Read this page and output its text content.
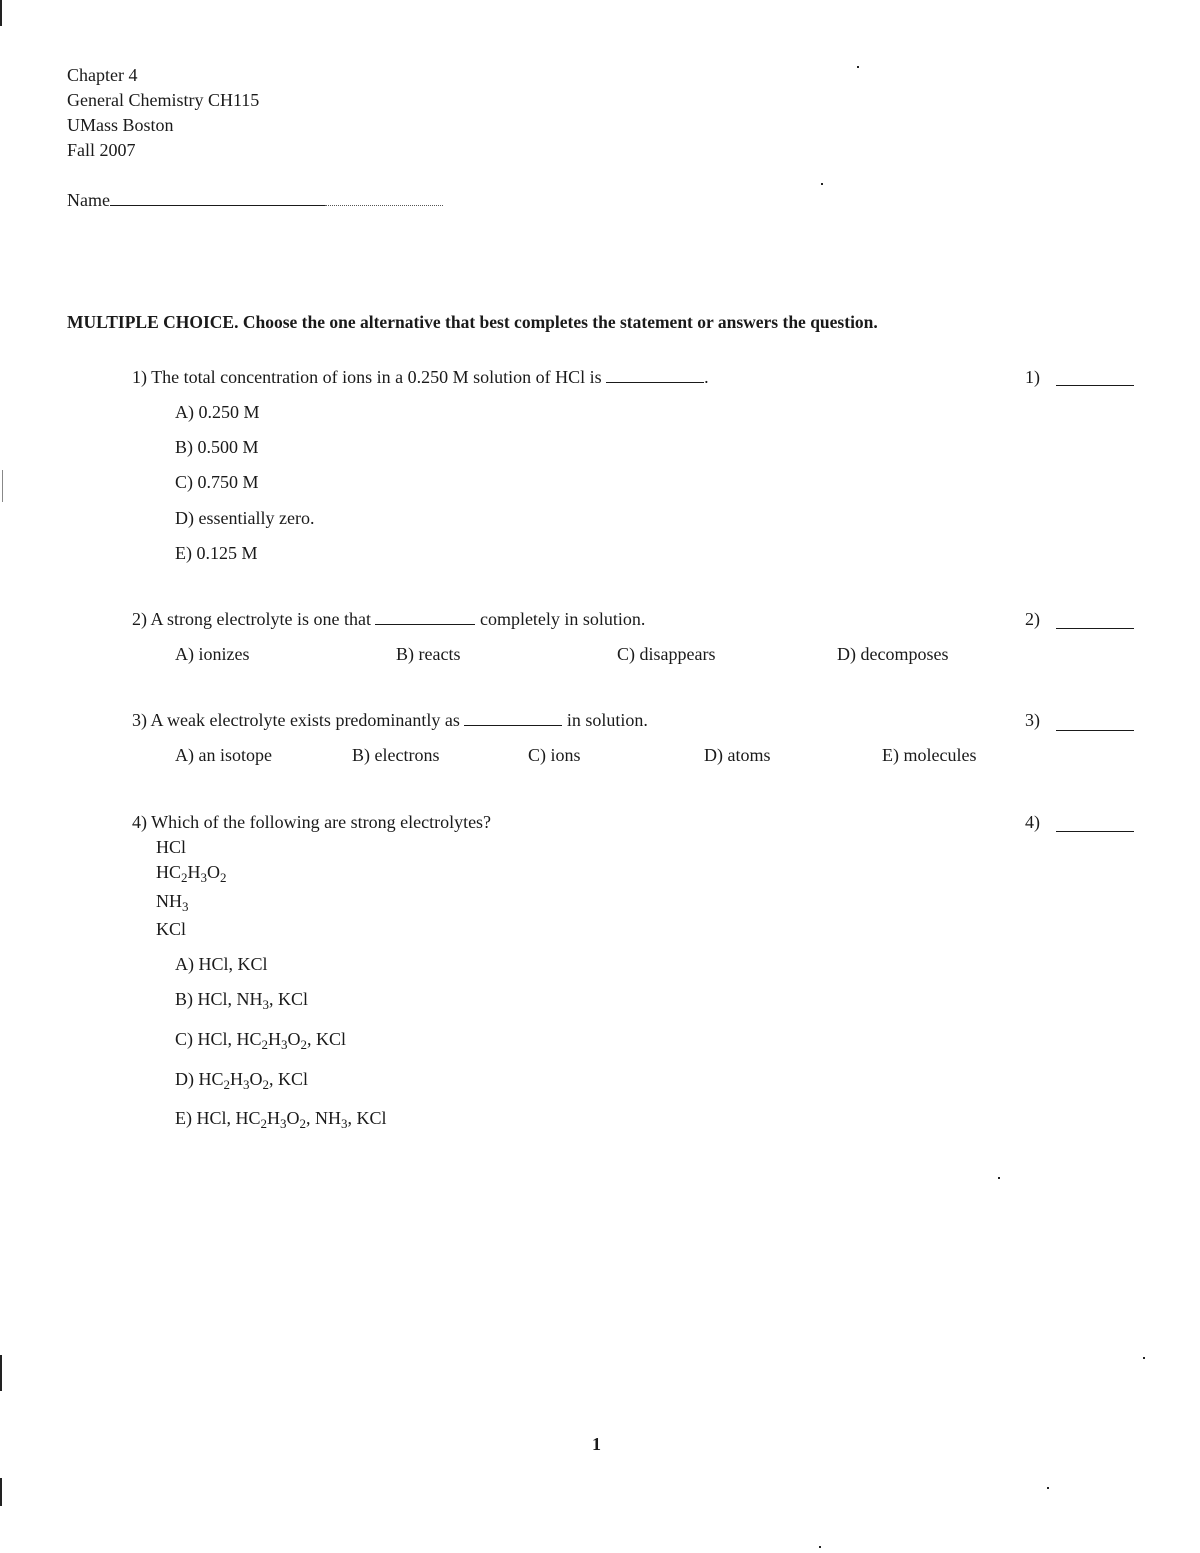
Chapter 4
General Chemistry CH115
UMass Boston
Fall 2007
Name
MULTIPLE CHOICE. Choose the one alternative that best completes the statement or answers the question.
1) The total concentration of ions in a 0.250 M solution of HCl is	.	1)
A) 0.250 M
B) 0.500 M
C) 0.750 M
D) essentially zero.
E) 0.125 M
2) A strong electrolyte is one that	completely in solution.	2)
A) ionizes	B) reacts	C) disappears	D) decomposes
3) A weak electrolyte exists predominantly as	in solution.	3)
A) an isotope	B) electrons	C) ions	D) atoms	E) molecules
4) Which of the following are strong electrolytes?	4)
HCl
$HC_2H_3O_2$
$NH_3$
KCl
A) HCl, KCl
B) HCl, $NH_3$, KCl
C) HCl, $HC_2H_3O_2$, KCl
D) $HC_2H_3O_2$, KCl
E) HCl, $HC_2H_3O_2$, $NH_3$, KCl
1
